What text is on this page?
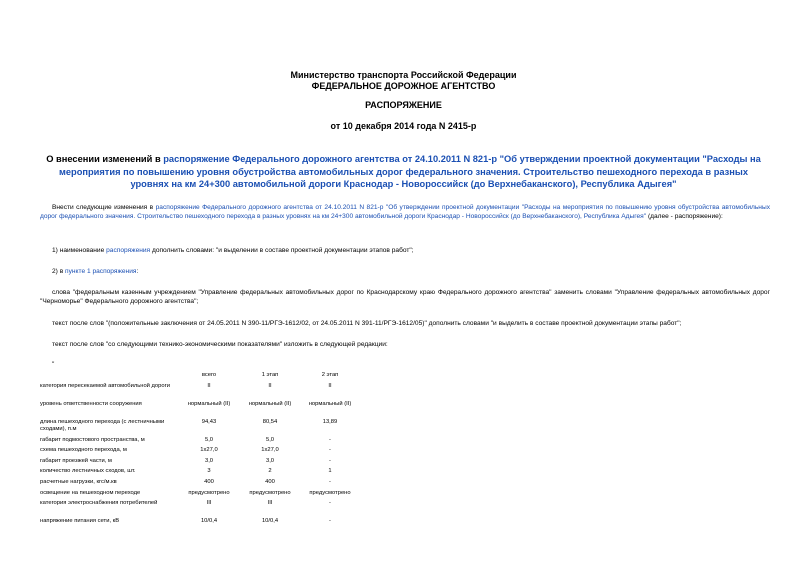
Министерство транспорта Российской Федерации
ФЕДЕРАЛЬНОЕ ДОРОЖНОЕ АГЕНТСТВО
РАСПОРЯЖЕНИЕ
от 10 декабря 2014 года N 2415-р
О внесении изменений в распоряжение Федерального дорожного агентства от 24.10.2011 N 821-р "Об утверждении проектной документации "Расходы на мероприятия по повышению уровня обустройства автомобильных дорог федерального значения. Строительство пешеходного перехода в разных уровнях на км 24+300 автомобильной дороги Краснодар - Новороссийск (до Верхнебаканского), Республика Адыгея"
Внести следующие изменения в распоряжение Федерального дорожного агентства от 24.10.2011 N 821-р "Об утверждении проектной документации "Расходы на мероприятия по повышению уровня обустройства автомобильных дорог федерального значения. Строительство пешеходного перехода в разных уровнях на км 24+300 автомобильной дороги Краснодар - Новороссийск (до Верхнебаканского), Республика Адыгея" (далее - распоряжение):
1) наименование распоряжения дополнить словами: "и выделении в составе проектной документации этапов работ";
2) в пункте 1 распоряжения:
слова "федеральным казенным учреждением "Управление федеральных автомобильных дорог по Краснодарскому краю Федерального дорожного агентства" заменить словами "Управление федеральных автомобильных дорог "Черноморье" Федерального дорожного агентства";
текст после слов "(положительные заключения от 24.05.2011 N 390-11/РГЭ-1612/02, от 24.05.2011 N 391-11/РГЭ-1612/05)" дополнить словами "и выделить в составе проектной документации этапы работ";
текст после слов "со следующими технико-экономическими показателями" изложить в следующей редакции:
"
	всего	1 этап	2 этап
категория пересекаемой автомобильной дороги	II	II	II
уровень ответственности сооружения	нормальный (II)	нормальный (II)	нормальный (II)
длина пешеходного перехода (с лестничными сходами), п.м	94,43	80,54	13,89
габарит подмостового пространства, м	5,0	5,0	-
схема пешеходного перехода, м	1х27,0	1х27,0	-
габарит проезжей части, м	3,0	3,0	-
количество лестничных сходов, шт.	3	2	1
расчетные нагрузки, кгс/м.кв	400	400	-
освещение на пешеходном переходе	предусмотрено	предусмотрено	предусмотрено
категория электроснабжения потребителей	III	III	-
напряжение питания сети, кВ	10/0,4	10/0,4	-
